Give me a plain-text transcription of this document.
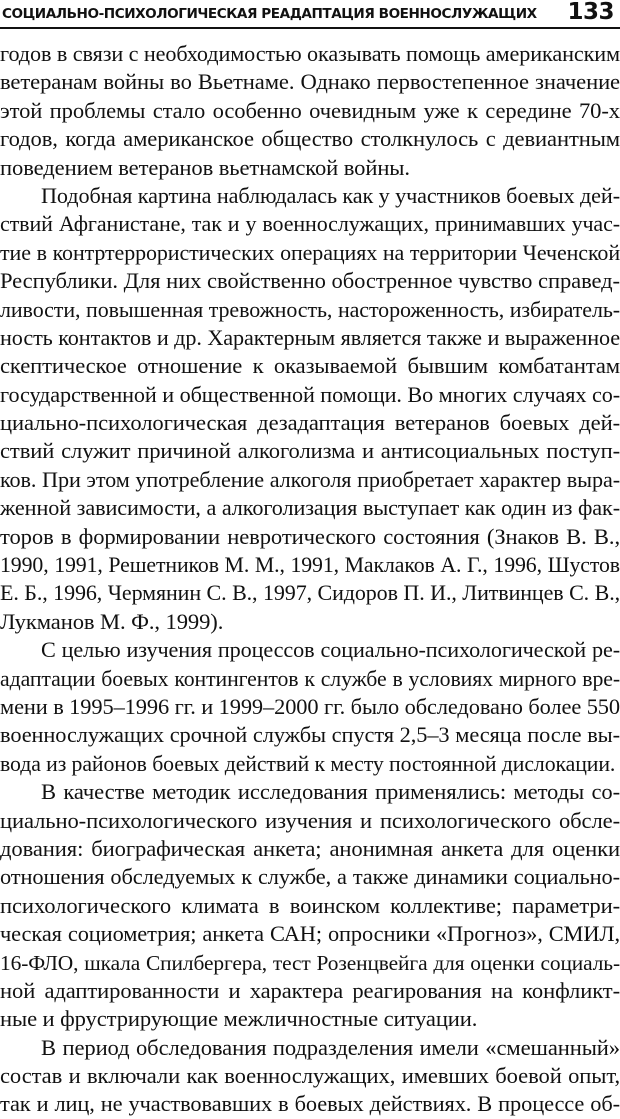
СОЦИАЛЬНО-ПСИХОЛОГИЧЕСКАЯ РЕАДАПТАЦИЯ ВОЕННОСЛУЖАЩИХ 133
годов в связи с необходимостью оказывать помощь американским
ветеранам войны во Вьетнаме. Однако первостепенное значение
этой проблемы стало особенно очевидным уже к середине 70-х
годов, когда американское общество столкнулось с девиантным
поведением ветеранов вьетнамской войны.
Подобная картина наблюдалась как у участников боевых дей-
ствий Афганистане, так и у военнослужащих, принимавших учас-
тие в контртеррористических операциях на территории Чеченской
Республики. Для них свойственно обостренное чувство справед-
ливости, повышенная тревожность, настороженность, избиратель-
ность контактов и др. Характерным является также и выраженное
скептическое отношение к оказываемой бывшим комбатантам
государственной и общественной помощи. Во многих случаях со-
циально-психологическая дезадаптация ветеранов боевых дей-
ствий служит причиной алкоголизма и антисоциальных поступ-
ков. При этом употребление алкоголя приобретает характер выра-
женной зависимости, а алкоголизация выступает как один из фак-
торов в формировании невротического состояния (Знаков В. В.,
1990, 1991, Решетников М. М., 1991, Маклаков А. Г., 1996, Шустов
Е. Б., 1996, Чермянин С. В., 1997, Сидоров П. И., Литвинцев С. В.,
Лукманов М. Ф., 1999).
С целью изучения процессов социально-психологической ре-
адаптации боевых контингентов к службе в условиях мирного вре-
мени в 1995–1996 гг. и 1999–2000 гг. было обследовано более 550
военнослужащих срочной службы спустя 2,5–3 месяца после вы-
вода из районов боевых действий к месту постоянной дислокации.
В качестве методик исследования применялись: методы со-
циально-психологического изучения и психологического обсле-
дования: биографическая анкета; анонимная анкета для оценки
отношения обследуемых к службе, а также динамики социально-
психологического климата в воинском коллективе; параметри-
ческая социометрия; анкета САН; опросники «Прогноз», СМИЛ,
16-ФЛО, шкала Спилбергера, тест Розенцвейга для оценки социаль-
ной адаптированности и характера реагирования на конфликт-
ные и фрустрирующие межличностные ситуации.
В период обследования подразделения имели «смешанный»
состав и включали как военнослужащих, имевших боевой опыт,
так и лиц, не участвовавших в боевых действиях. В процессе об-
